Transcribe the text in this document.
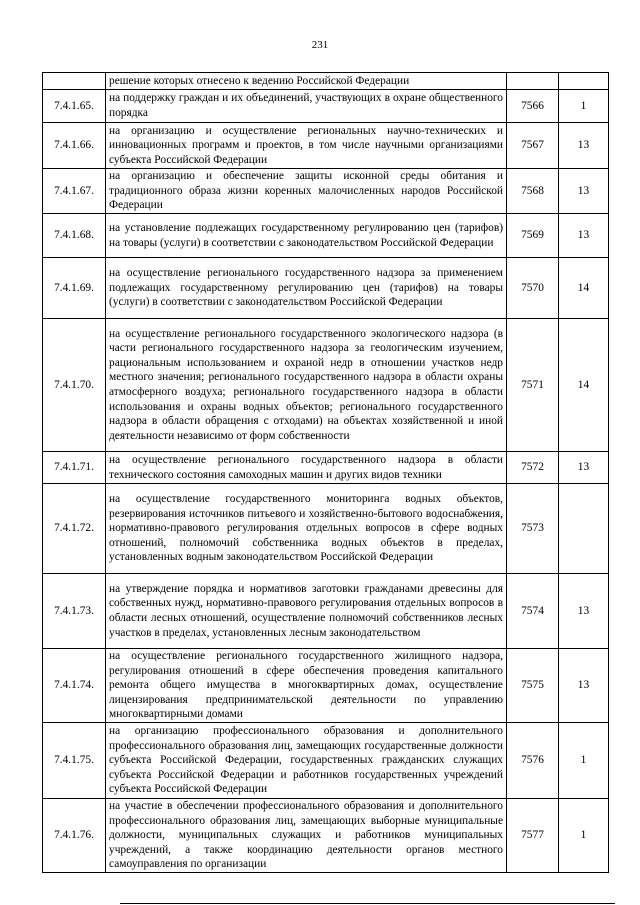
231
	решение которых отнесено к ведению Российской Федерации		
7.4.1.65.	на поддержку граждан и их объединений, участвующих в охране общественного порядка	7566	1
7.4.1.66.	на организацию и осуществление региональных научно-технических и инновационных программ и проектов, в том числе научными организациями субъекта Российской Федерации	7567	13
7.4.1.67.	на организацию и обеспечение защиты исконной среды обитания и традиционного образа жизни коренных малочисленных народов Российской Федерации	7568	13
7.4.1.68.	на установление подлежащих государственному регулированию цен (тарифов) на товары (услуги) в соответствии с законодательством Российской Федерации	7569	13
7.4.1.69.	на осуществление регионального государственного надзора за применением подлежащих государственному регулированию цен (тарифов) на товары (услуги) в соответствии с законодательством Российской Федерации	7570	14
7.4.1.70.	на осуществление регионального государственного экологического надзора (в части регионального государственного надзора за геологическим изучением, рациональным использованием и охраной недр в отношении участков недр местного значения; регионального государственного надзора в области охраны атмосферного воздуха; регионального государственного надзора в области использования и охраны водных объектов; регионального государственного надзора в области обращения с отходами) на объектах хозяйственной и иной деятельности независимо от форм собственности	7571	14
7.4.1.71.	на осуществление регионального государственного надзора в области технического состояния самоходных машин и других видов техники	7572	13
7.4.1.72.	на осуществление государственного мониторинга водных объектов, резервирования источников питьевого и хозяйственно-бытового водоснабжения, нормативно-правового регулирования отдельных вопросов в сфере водных отношений, полномочий собственника водных объектов в пределах, установленных водным законодательством Российской Федерации	7573	
7.4.1.73.	на утверждение порядка и нормативов заготовки гражданами древесины для собственных нужд, нормативно-правового регулирования отдельных вопросов в области лесных отношений, осуществление полномочий собственников лесных участков в пределах, установленных лесным законодательством	7574	13
7.4.1.74.	на осуществление регионального государственного жилищного надзора, регулирования отношений в сфере обеспечения проведения капитального ремонта общего имущества в многоквартирных домах, осуществление лицензирования предпринимательской деятельности по управлению многоквартирными домами	7575	13
7.4.1.75.	на организацию профессионального образования и дополнительного профессионального образования лиц, замещающих государственные должности субъекта Российской Федерации, государственных гражданских служащих субъекта Российской Федерации и работников государственных учреждений субъекта Российской Федерации	7576	1
7.4.1.76.	на участие в обеспечении профессионального образования и дополнительного профессионального образования лиц, замещающих выборные муниципальные должности, муниципальных служащих и работников муниципальных учреждений, а также координацию деятельности органов местного самоуправления по организации	7577	1
